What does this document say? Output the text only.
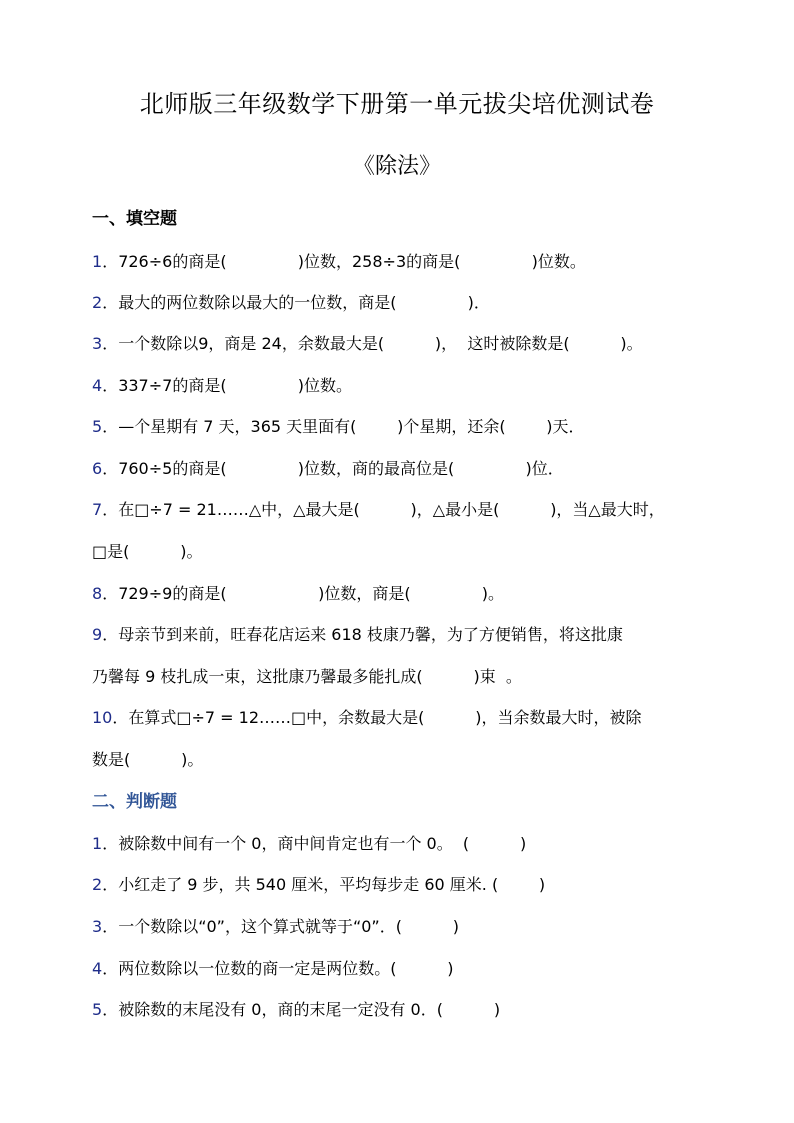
北师版三年级数学下册第一单元拔尖培优测试卷
《除法》
一、填空题
1．726÷6的商是(              )位数，258÷3的商是(              )位数。
2．最大的两位数除以最大的一位数，商是(              )．
3．一个数除以9，商是 24，余数最大是(          )，  这时被除数是(          )。
4．337÷7的商是(              )位数。
5．—个星期有 7 天，365 天里面有(        )个星期，还余(        )天．
6．760÷5的商是(              )位数，商的最高位是(              )位．
7．在□÷7 = 21……△中，△最大是(          )，△最小是(          )，当△最大时，
□是(          )。
8．729÷9的商是(                  )位数，商是(              )。
9．母亲节到来前，旺春花店运来 618 枝康乃馨，为了方便销售，将这批康
乃馨每 9 枝扎成一束，这批康乃馨最多能扎成(          )束  。
10．在算式□÷7 = 12……□中，余数最大是(          )，当余数最大时，被除
数是(          )。
二、判断题
1．被除数中间有一个 0，商中间肯定也有一个 0。  (          )
2．小红走了 9 步，共 540 厘米，平均每步走 60 厘米. (        )
3．一个数除以“0”，这个算式就等于“0”．(          )
4．两位数除以一位数的商一定是两位数。(          )
5．被除数的末尾没有 0，商的末尾一定没有 0．(          )
